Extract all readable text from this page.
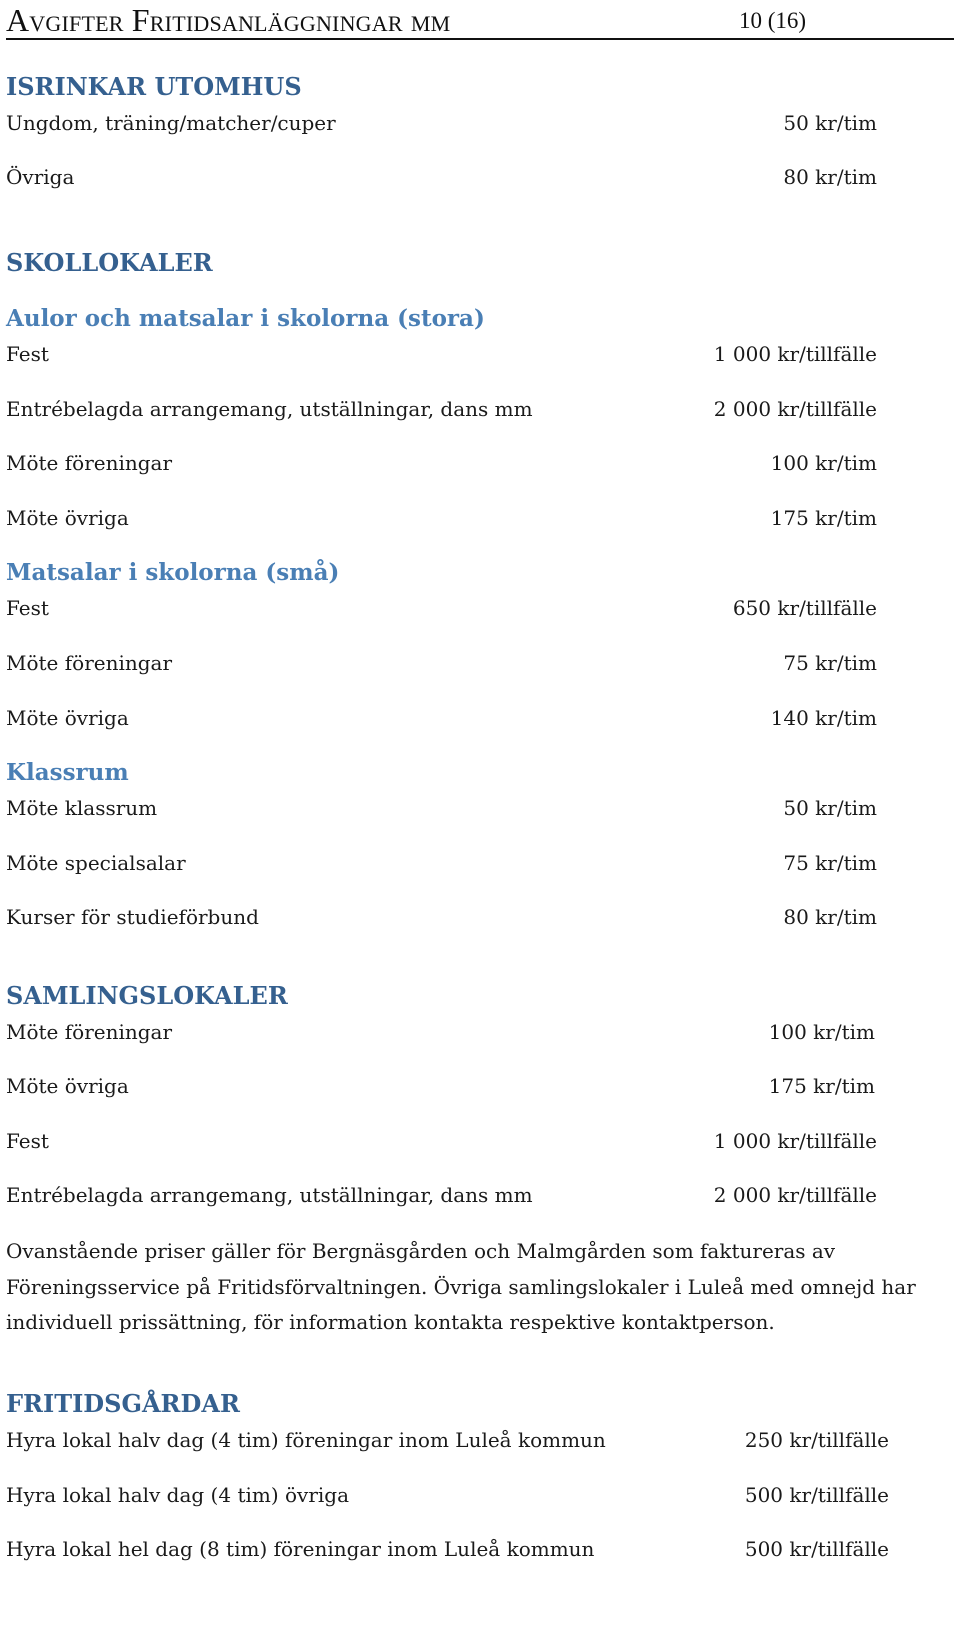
Avgifter Fritidsanläggningar mm	10 (16)
ISRINKAR UTOMHUS
Ungdom, träning/matcher/cuper	50 kr/tim
Övriga	80 kr/tim
SKOLLOKALER
Aulor och matsalar i skolorna (stora)
Fest	1 000 kr/tillfälle
Entrébelagda arrangemang, utställningar, dans mm	2 000 kr/tillfälle
Möte föreningar	100 kr/tim
Möte övriga	175 kr/tim
Matsalar i skolorna (små)
Fest	650 kr/tillfälle
Möte föreningar	75 kr/tim
Möte övriga	140 kr/tim
Klassrum
Möte klassrum	50 kr/tim
Möte specialsalar	75 kr/tim
Kurser för studieförbund	80 kr/tim
SAMLINGSLOKALER
Möte föreningar	100 kr/tim
Möte övriga	175 kr/tim
Fest	1 000 kr/tillfälle
Entrébelagda arrangemang, utställningar, dans mm	2 000 kr/tillfälle
Ovanstående priser gäller för Bergnäsgården och Malmgården som faktureras av Föreningsservice på Fritidsförvaltningen. Övriga samlingslokaler i Luleå med omnejd har individuell prissättning, för information kontakta respektive kontaktperson.
FRITIDSGÅRDAR
Hyra lokal halv dag (4 tim) föreningar inom Luleå kommun	250 kr/tillfälle
Hyra lokal halv dag (4 tim) övriga	500 kr/tillfälle
Hyra lokal hel dag (8 tim) föreningar inom Luleå kommun	500 kr/tillfälle
